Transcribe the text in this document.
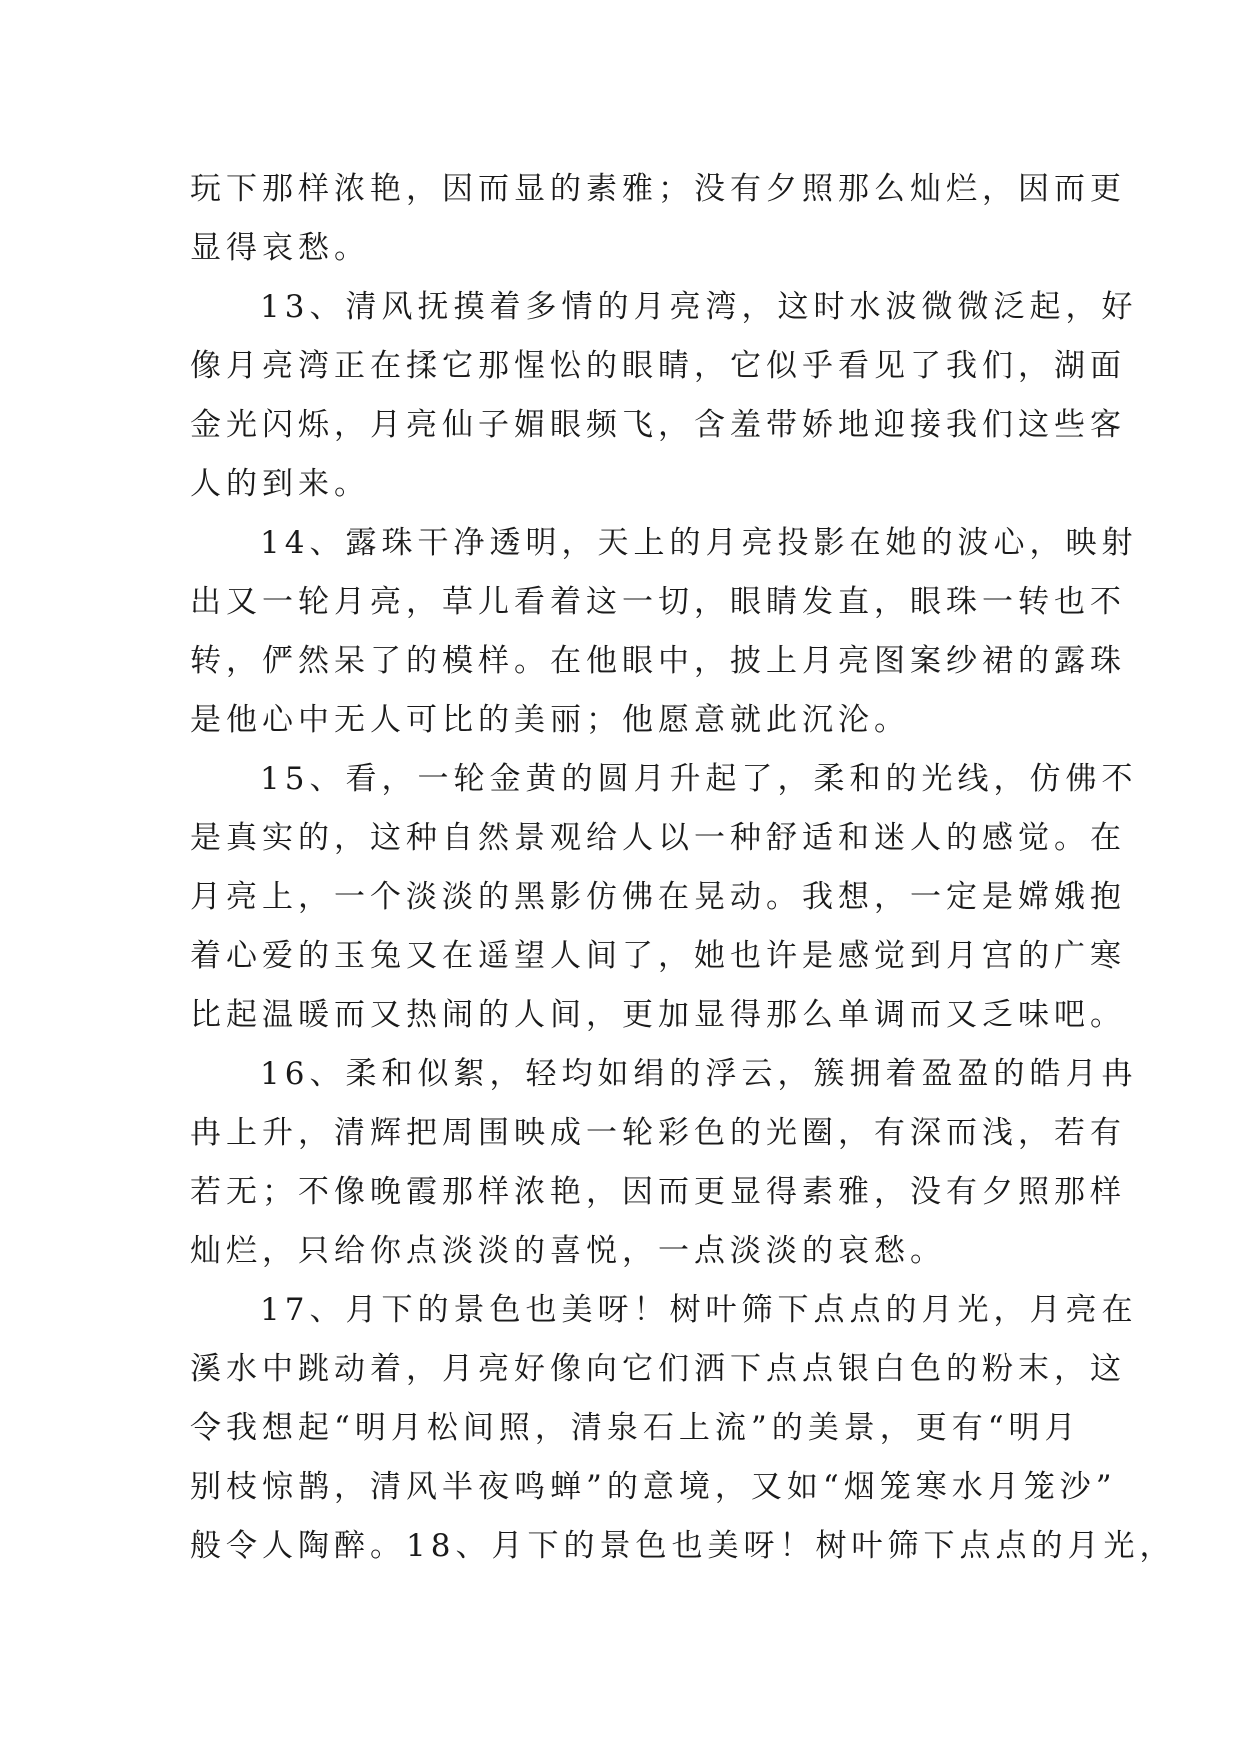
玩下那样浓艳，因而显的素雅；没有夕照那么灿烂，因而更
显得哀愁。
13、清风抚摸着多情的月亮湾，这时水波微微泛起，好
像月亮湾正在揉它那惺忪的眼睛，它似乎看见了我们，湖面
金光闪烁，月亮仙子媚眼频飞，含羞带娇地迎接我们这些客
人的到来。
14、露珠干净透明，天上的月亮投影在她的波心，映射
出又一轮月亮，草儿看着这一切，眼睛发直，眼珠一转也不
转，俨然呆了的模样。在他眼中，披上月亮图案纱裙的露珠
是他心中无人可比的美丽；他愿意就此沉沦。
15、看，一轮金黄的圆月升起了，柔和的光线，仿佛不
是真实的，这种自然景观给人以一种舒适和迷人的感觉。在
月亮上，一个淡淡的黑影仿佛在晃动。我想，一定是嫦娥抱
着心爱的玉兔又在遥望人间了，她也许是感觉到月宫的广寒
比起温暖而又热闹的人间，更加显得那么单调而又乏味吧。
16、柔和似絮，轻均如绢的浮云，簇拥着盈盈的皓月冉
冉上升，清辉把周围映成一轮彩色的光圈，有深而浅，若有
若无；不像晚霞那样浓艳，因而更显得素雅，没有夕照那样
灿烂，只给你点淡淡的喜悦，一点淡淡的哀愁。
17、月下的景色也美呀！树叶筛下点点的月光，月亮在
溪水中跳动着，月亮好像向它们洒下点点银白色的粉末，这
令我想起“明月松间照，清泉石上流”的美景，更有“明月
别枝惊鹊，清风半夜鸣蝉”的意境，又如“烟笼寒水月笼沙”
般令人陶醉。18、月下的景色也美呀！树叶筛下点点的月光，
